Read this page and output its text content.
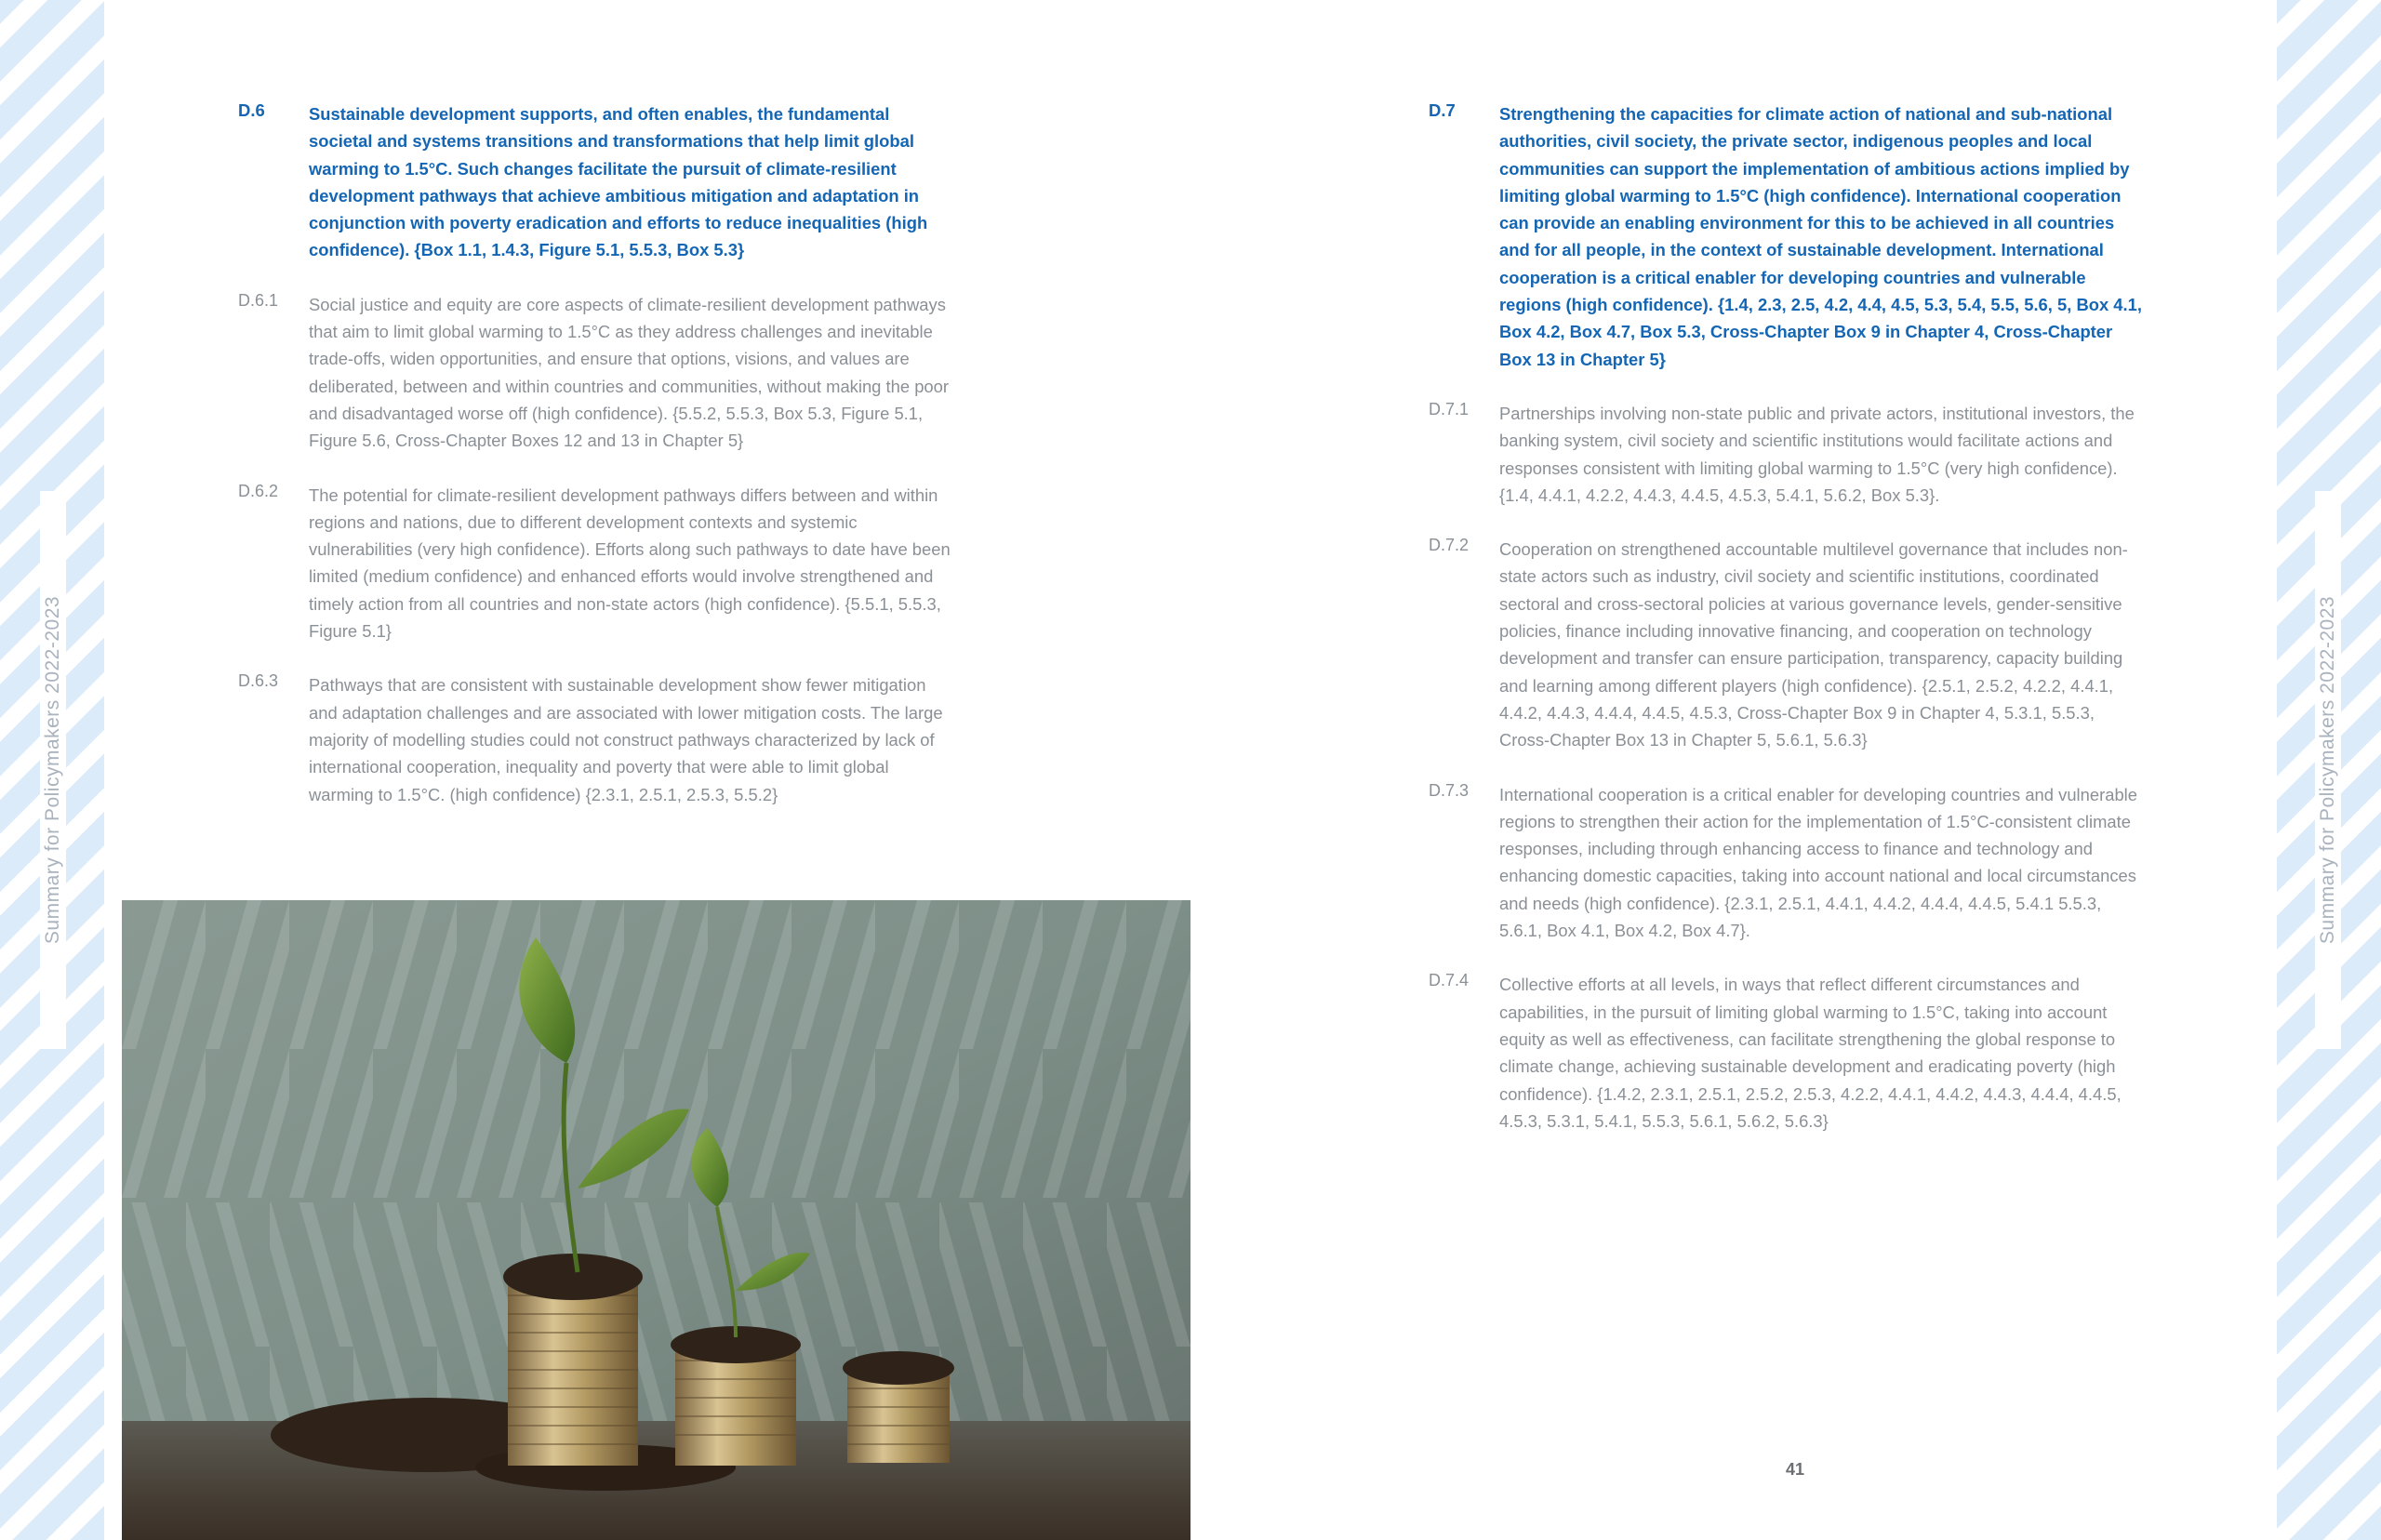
Summary for Policymakers 2022-2023	Summary for Policymakers 2022-2023
D.6	Sustainable development supports, and often enables, the fundamental societal and systems transitions and transformations that help limit global warming to 1.5°C. Such changes facilitate the pursuit of climate-resilient development pathways that achieve ambitious mitigation and adaptation in conjunction with poverty eradication and efforts to reduce inequalities (high confidence). {Box 1.1, 1.4.3, Figure 5.1, 5.5.3, Box 5.3}
D.6.1	Social justice and equity are core aspects of climate-resilient development pathways that aim to limit global warming to 1.5°C as they address challenges and inevitable trade-offs, widen opportunities, and ensure that options, visions, and values are deliberated, between and within countries and communities, without making the poor and disadvantaged worse off (high confidence). {5.5.2, 5.5.3, Box 5.3, Figure 5.1, Figure 5.6, Cross-Chapter Boxes 12 and 13 in Chapter 5}
D.6.2	The potential for climate-resilient development pathways differs between and within regions and nations, due to different development contexts and systemic vulnerabilities (very high confidence). Efforts along such pathways to date have been limited (medium confidence) and enhanced efforts would involve strengthened and timely action from all countries and non-state actors (high confidence). {5.5.1, 5.5.3, Figure 5.1}
D.6.3	Pathways that are consistent with sustainable development show fewer mitigation and adaptation challenges and are associated with lower mitigation costs. The large majority of modelling studies could not construct pathways characterized by lack of international cooperation, inequality and poverty that were able to limit global warming to 1.5°C. (high confidence) {2.3.1, 2.5.1, 2.5.3, 5.5.2}
D.7	Strengthening the capacities for climate action of national and sub-national authorities, civil society, the private sector, indigenous peoples and local communities can support the implementation of ambitious actions implied by limiting global warming to 1.5°C (high confidence). International cooperation can provide an enabling environment for this to be achieved in all countries and for all people, in the context of sustainable development. International cooperation is a critical enabler for developing countries and vulnerable regions (high confidence). {1.4, 2.3, 2.5, 4.2, 4.4, 4.5, 5.3, 5.4, 5.5, 5.6, 5, Box 4.1, Box 4.2, Box 4.7, Box 5.3, Cross-Chapter Box 9 in Chapter 4, Cross-Chapter Box 13 in Chapter 5}
D.7.1	Partnerships involving non-state public and private actors, institutional investors, the banking system, civil society and scientific institutions would facilitate actions and responses consistent with limiting global warming to 1.5°C (very high confidence). {1.4, 4.4.1, 4.2.2, 4.4.3, 4.4.5, 4.5.3, 5.4.1, 5.6.2, Box 5.3}.
D.7.2	Cooperation on strengthened accountable multilevel governance that includes non-state actors such as industry, civil society and scientific institutions, coordinated sectoral and cross-sectoral policies at various governance levels, gender-sensitive policies, finance including innovative financing, and cooperation on technology development and transfer can ensure participation, transparency, capacity building and learning among different players (high confidence). {2.5.1, 2.5.2, 4.2.2, 4.4.1, 4.4.2, 4.4.3, 4.4.4, 4.4.5, 4.5.3, Cross-Chapter Box 9 in Chapter 4, 5.3.1, 5.5.3, Cross-Chapter Box 13 in Chapter 5, 5.6.1, 5.6.3}
D.7.3	International cooperation is a critical enabler for developing countries and vulnerable regions to strengthen their action for the implementation of 1.5°C-consistent climate responses, including through enhancing access to finance and technology and enhancing domestic capacities, taking into account national and local circumstances and needs (high confidence). {2.3.1, 2.5.1, 4.4.1, 4.4.2, 4.4.4, 4.4.5, 5.4.1 5.5.3, 5.6.1, Box 4.1, Box 4.2, Box 4.7}.
D.7.4	Collective efforts at all levels, in ways that reflect different circumstances and capabilities, in the pursuit of limiting global warming to 1.5°C, taking into account equity as well as effectiveness, can facilitate strengthening the global response to climate change, achieving sustainable development and eradicating poverty (high confidence). {1.4.2, 2.3.1, 2.5.1, 2.5.2, 2.5.3, 4.2.2, 4.4.1, 4.4.2, 4.4.3, 4.4.4, 4.4.5, 4.5.3, 5.3.1, 5.4.1, 5.5.3, 5.6.1, 5.6.2, 5.6.3}
41
